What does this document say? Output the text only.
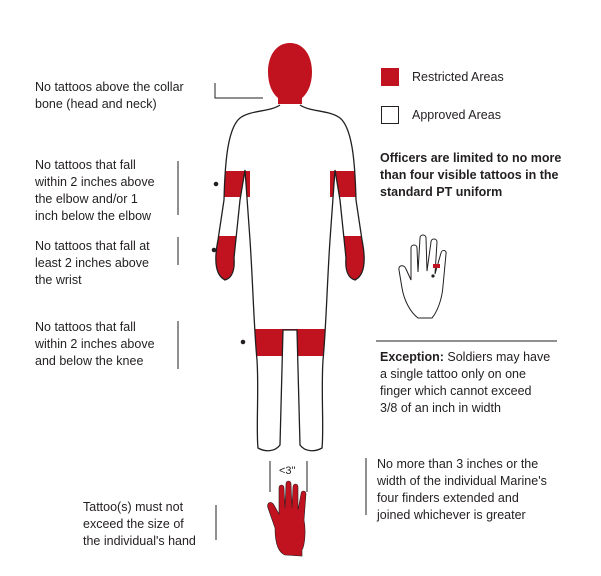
Restricted Areas

Approved Areas

Officers are limited to no more
than four visible tattoos in the
standard PT uniform
No tattoos above the collar
bone (head and neck)
No tattoos that fall
within 2 inches above
the elbow and/or 1
inch below the elbow
No tattoos that fall at
least 2 inches above
the wrist
No tattoos that fall
within 2 inches above
and below the knee
Tattoo(s) must not
exceed the size of
the individual's hand
No more than 3 inches or the
width of the individual Marine's
four finders extended and
joined whichever is greater
Exception: Soldiers may have
a single tattoo only on one
finger which cannot exceed
3/8 of an inch in width

<3"
